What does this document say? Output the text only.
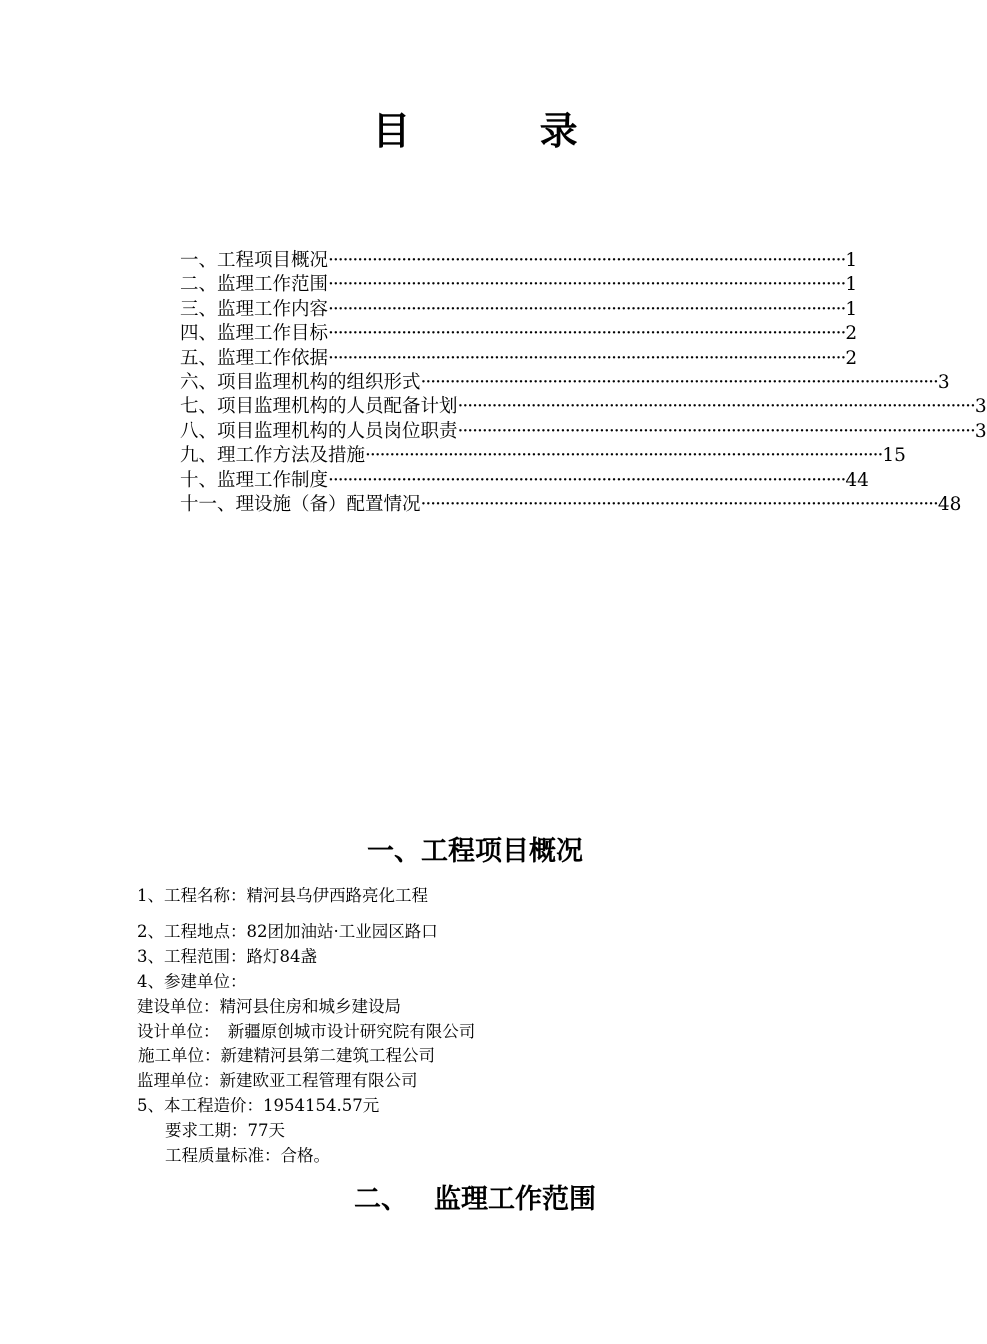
目 录
一、工程项目概况 ·········································································································· 1
二、监理工作范围 ·········································································································· 1
三、监理工作内容 ·········································································································· 1
四、监理工作目标 ·········································································································· 2
五、监理工作依据 ·········································································································· 2
六、项目监理机构的组织形式 ·········································································································· 3
七、项目监理机构的人员配备计划 ·········································································································· 3
八、项目监理机构的人员岗位职责 ·········································································································· 3
九、理工作方法及措施 ·········································································································· 15
十、监理工作制度 ·········································································································· 44
十一、理设施（备）配置情况 ·········································································································· 48
一、工程项目概况
1、工程名称：精河县乌伊西路亮化工程
2、工程地点：82团加油站·工业园区路口
3、工程范围：路灯84盏
4、参建单位：
建设单位：精河县住房和城乡建设局
设计单位：　新疆原创城市设计研究院有限公司
施工单位：新建精河县第二建筑工程公司
监理单位：新建欧亚工程管理有限公司
5、本工程造价：1954154.57元
要求工期：77天
工程质量标准：合格。
二、 监理工作范围
